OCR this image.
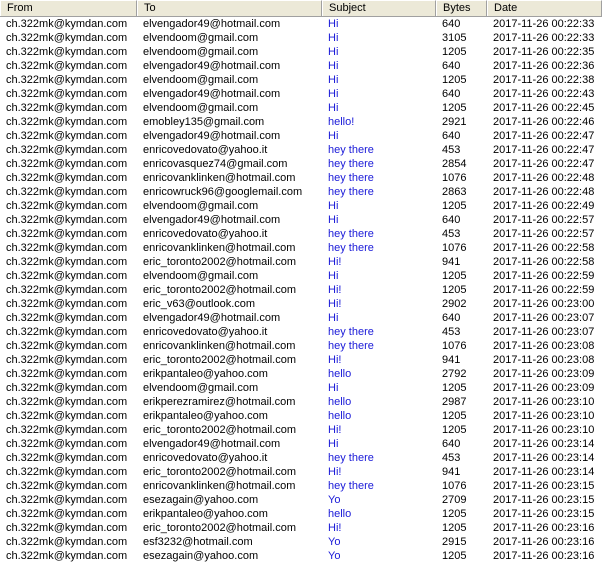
From	To	Subject	Bytes	Date
ch.322mk@kymdan.com	elvengador49@hotmail.com	Hi	640	2017-11-26 00:22:33
ch.322mk@kymdan.com	elvendoom@gmail.com	Hi	3105	2017-11-26 00:22:33
ch.322mk@kymdan.com	elvendoom@gmail.com	Hi	1205	2017-11-26 00:22:35
ch.322mk@kymdan.com	elvengador49@hotmail.com	Hi	640	2017-11-26 00:22:36
ch.322mk@kymdan.com	elvendoom@gmail.com	Hi	1205	2017-11-26 00:22:38
ch.322mk@kymdan.com	elvengador49@hotmail.com	Hi	640	2017-11-26 00:22:43
ch.322mk@kymdan.com	elvendoom@gmail.com	Hi	1205	2017-11-26 00:22:45
ch.322mk@kymdan.com	emobley135@gmail.com	hello!	2921	2017-11-26 00:22:46
ch.322mk@kymdan.com	elvengador49@hotmail.com	Hi	640	2017-11-26 00:22:47
ch.322mk@kymdan.com	enricovedovato@yahoo.it	hey there	453	2017-11-26 00:22:47
ch.322mk@kymdan.com	enricovasquez74@gmail.com	hey there	2854	2017-11-26 00:22:47
ch.322mk@kymdan.com	enricovanklinken@hotmail.com	hey there	1076	2017-11-26 00:22:48
ch.322mk@kymdan.com	enricowruck96@googlemail.com	hey there	2863	2017-11-26 00:22:48
ch.322mk@kymdan.com	elvendoom@gmail.com	Hi	1205	2017-11-26 00:22:49
ch.322mk@kymdan.com	elvengador49@hotmail.com	Hi	640	2017-11-26 00:22:57
ch.322mk@kymdan.com	enricovedovato@yahoo.it	hey there	453	2017-11-26 00:22:57
ch.322mk@kymdan.com	enricovanklinken@hotmail.com	hey there	1076	2017-11-26 00:22:58
ch.322mk@kymdan.com	eric_toronto2002@hotmail.com	Hi!	941	2017-11-26 00:22:58
ch.322mk@kymdan.com	elvendoom@gmail.com	Hi	1205	2017-11-26 00:22:59
ch.322mk@kymdan.com	eric_toronto2002@hotmail.com	Hi!	1205	2017-11-26 00:22:59
ch.322mk@kymdan.com	eric_v63@outlook.com	Hi!	2902	2017-11-26 00:23:00
ch.322mk@kymdan.com	elvengador49@hotmail.com	Hi	640	2017-11-26 00:23:07
ch.322mk@kymdan.com	enricovedovato@yahoo.it	hey there	453	2017-11-26 00:23:07
ch.322mk@kymdan.com	enricovanklinken@hotmail.com	hey there	1076	2017-11-26 00:23:08
ch.322mk@kymdan.com	eric_toronto2002@hotmail.com	Hi!	941	2017-11-26 00:23:08
ch.322mk@kymdan.com	erikpantaleo@yahoo.com	hello	2792	2017-11-26 00:23:09
ch.322mk@kymdan.com	elvendoom@gmail.com	Hi	1205	2017-11-26 00:23:09
ch.322mk@kymdan.com	erikperezramirez@hotmail.com	hello	2987	2017-11-26 00:23:10
ch.322mk@kymdan.com	erikpantaleo@yahoo.com	hello	1205	2017-11-26 00:23:10
ch.322mk@kymdan.com	eric_toronto2002@hotmail.com	Hi!	1205	2017-11-26 00:23:10
ch.322mk@kymdan.com	elvengador49@hotmail.com	Hi	640	2017-11-26 00:23:14
ch.322mk@kymdan.com	enricovedovato@yahoo.it	hey there	453	2017-11-26 00:23:14
ch.322mk@kymdan.com	eric_toronto2002@hotmail.com	Hi!	941	2017-11-26 00:23:14
ch.322mk@kymdan.com	enricovanklinken@hotmail.com	hey there	1076	2017-11-26 00:23:15
ch.322mk@kymdan.com	esezagain@yahoo.com	Yo	2709	2017-11-26 00:23:15
ch.322mk@kymdan.com	erikpantaleo@yahoo.com	hello	1205	2017-11-26 00:23:15
ch.322mk@kymdan.com	eric_toronto2002@hotmail.com	Hi!	1205	2017-11-26 00:23:16
ch.322mk@kymdan.com	esf3232@hotmail.com	Yo	2915	2017-11-26 00:23:16
ch.322mk@kymdan.com	esezagain@yahoo.com	Yo	1205	2017-11-26 00:23:16
